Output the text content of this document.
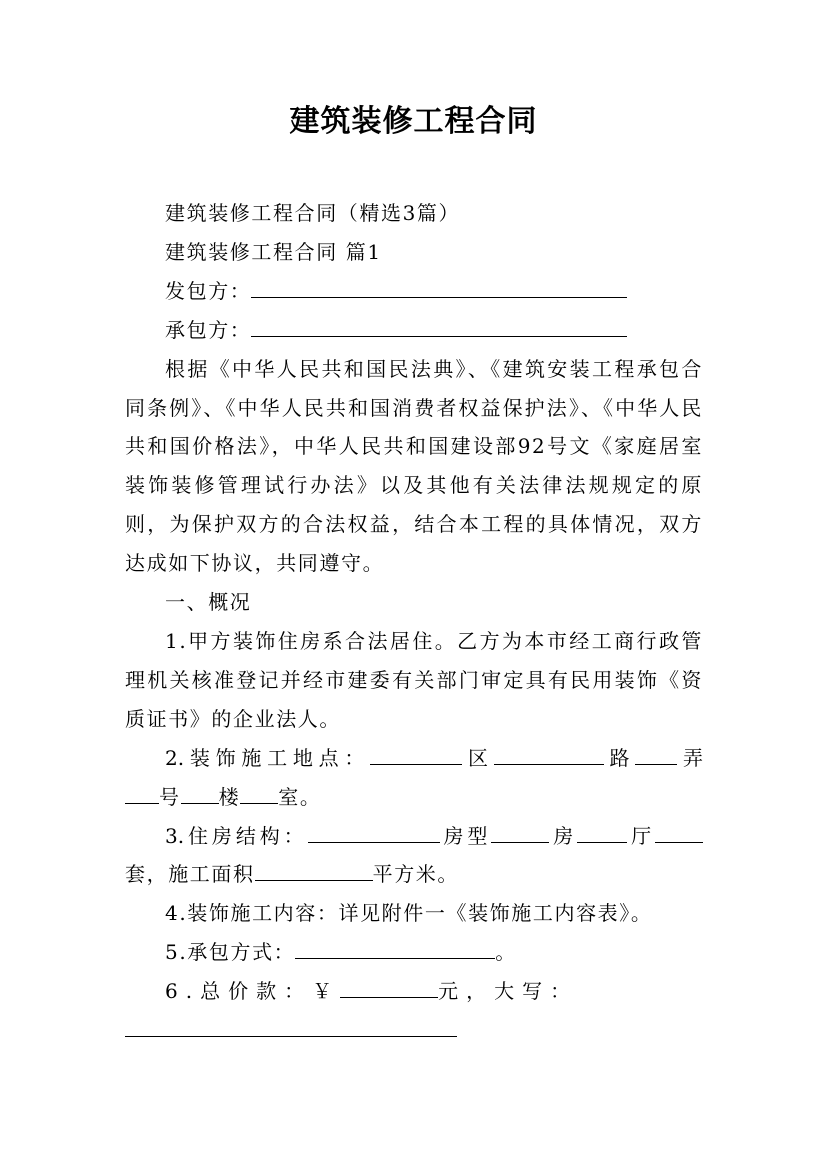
建筑装修工程合同

建筑装修工程合同（精选3篇）

建筑装修工程合同 篇1

发包方：

承包方：

根据《中华人民共和国民法典》、《建筑安装工程承包合同条例》、《中华人民共和国消费者权益保护法》、《中华人民共和国价格法》，中华人民共和国建设部92号文《家庭居室装饰装修管理试行办法》以及其他有关法律法规规定的原则，为保护双方的合法权益，结合本工程的具体情况，双方达成如下协议，共同遵守。

一、概况

1.甲方装饰住房系合法居住。乙方为本市经工商行政管理机关核准登记并经市建委有关部门审定具有民用装饰《资质证书》的企业法人。

2.装饰施工地点：	区	路 弄

号 楼 室。

3.住房结构：	房型	房	厅

套，施工面积	平方米。

4.装饰施工内容：详见附件一《装饰施工内容表》。

5.承包方式：	。

6.总价款：￥	元，大写：
